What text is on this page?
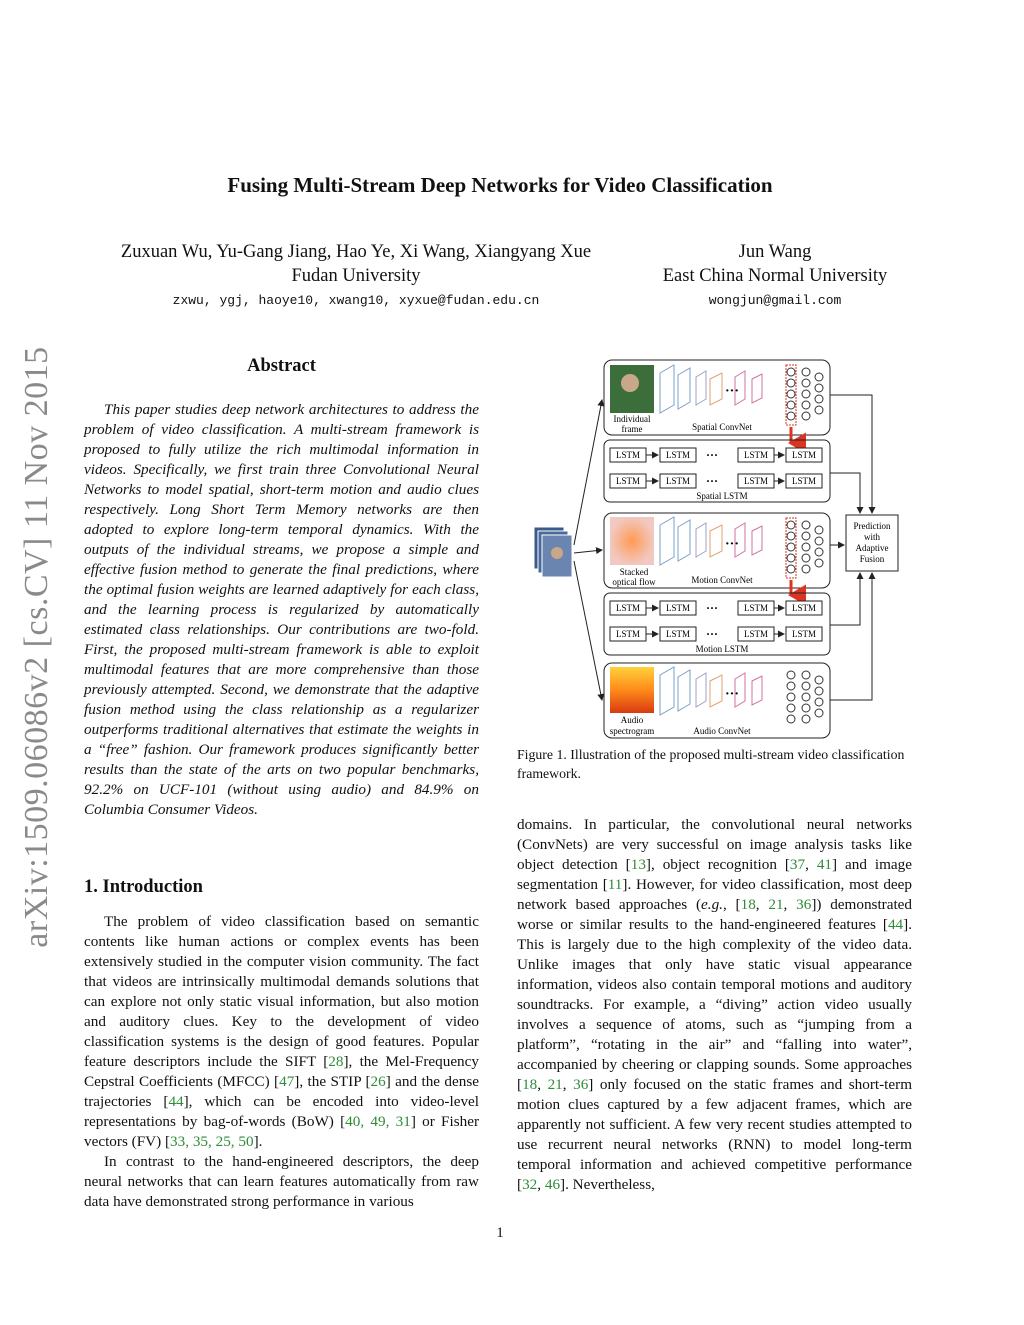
arXiv:1509.06086v2 [cs.CV] 11 Nov 2015
Fusing Multi-Stream Deep Networks for Video Classification
Zuxuan Wu, Yu-Gang Jiang, Hao Ye, Xi Wang, Xiangyang Xue
Fudan University
zxwu, ygj, haoye10, xwang10, xyxue@fudan.edu.cn
Jun Wang
East China Normal University
wongjun@gmail.com
Abstract
This paper studies deep network architectures to address the problem of video classification. A multi-stream framework is proposed to fully utilize the rich multimodal information in videos. Specifically, we first train three Convolutional Neural Networks to model spatial, short-term motion and audio clues respectively. Long Short Term Memory networks are then adopted to explore long-term temporal dynamics. With the outputs of the individual streams, we propose a simple and effective fusion method to generate the final predictions, where the optimal fusion weights are learned adaptively for each class, and the learning process is regularized by automatically estimated class relationships. Our contributions are two-fold. First, the proposed multi-stream framework is able to exploit multimodal features that are more comprehensive than those previously attempted. Second, we demonstrate that the adaptive fusion method using the class relationship as a regularizer outperforms traditional alternatives that estimate the weights in a “free” fashion. Our framework produces significantly better results than the state of the arts on two popular benchmarks, 92.2% on UCF-101 (without using audio) and 84.9% on Columbia Consumer Videos.
1. Introduction

The problem of video classification based on semantic contents like human actions or complex events has been extensively studied in the computer vision community. The fact that videos are intrinsically multimodal demands solutions that can explore not only static visual information, but also motion and auditory clues. Key to the development of video classification systems is the design of good features. Popular feature descriptors include the SIFT [28], the Mel-Frequency Cepstral Coefficients (MFCC) [47], the STIP [26] and the dense trajectories [44], which can be encoded into video-level representations by bag-of-words (BoW) [40, 49, 31] or Fisher vectors (FV) [33, 35, 25, 50].

In contrast to the hand-engineered descriptors, the deep neural networks that can learn features automatically from raw data have demonstrated strong performance in various

Individual
frame
···
Spatial ConvNet
LSTM	LSTM	LSTM	LSTM
LSTM	LSTM	LSTM	LSTM
Spatial LSTM
···
···
Stacked
optical flow
···
Motion ConvNet
LSTM	LSTM	LSTM	LSTM
LSTM	LSTM	LSTM	LSTM
Motion LSTM
···
···
Audio
spectrogram
···
Audio ConvNet
Prediction
with
Adaptive
Fusion
Figure 1. Illustration of the proposed multi-stream video classification framework.

domains. In particular, the convolutional neural networks (ConvNets) are very successful on image analysis tasks like object detection [13], object recognition [37, 41] and image segmentation [11]. However, for video classification, most deep network based approaches (e.g., [18, 21, 36]) demonstrated worse or similar results to the hand-engineered features [44]. This is largely due to the high complexity of the video data. Unlike images that only have static visual appearance information, videos also contain temporal motions and auditory soundtracks. For example, a “diving” action video usually involves a sequence of atoms, such as “jumping from a platform”, “rotating in the air” and “falling into water”, accompanied by cheering or clapping sounds. Some approaches [18, 21, 36] only focused on the static frames and short-term motion clues captured by a few adjacent frames, which are apparently not sufficient. A few very recent studies attempted to use recurrent neural networks (RNN) to model long-term temporal information and achieved competitive performance [32, 46]. Nevertheless,

1
